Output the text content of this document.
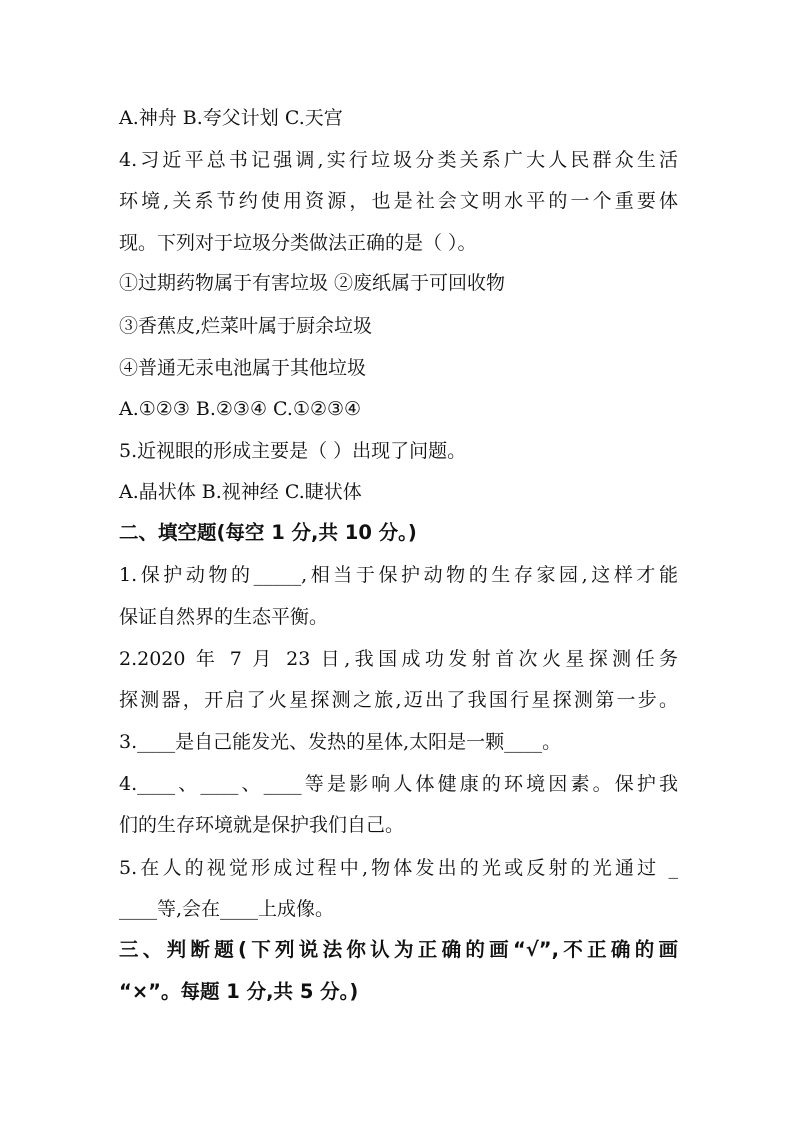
A.神舟 B.夸父计划 C.天宫
4.习近平总书记强调,实行垃圾分类关系广大人民群众生活
环境,关系节约使用资源，也是社会文明水平的一个重要体
现。下列对于垃圾分类做法正确的是（ ）。
①过期药物属于有害垃圾 ②废纸属于可回收物
③香蕉皮,烂菜叶属于厨余垃圾
④普通无汞电池属于其他垃圾
A.①②③ B.②③④ C.①②③④
5.近视眼的形成主要是（ ）出现了问题。
A.晶状体 B.视神经 C.睫状体
二、填空题(每空 1 分,共 10 分。)
1.保护动物的_____,相当于保护动物的生存家园,这样才能
保证自然界的生态平衡。
2.2020 年 7 月 23 日,我国成功发射首次火星探测任务
探测器，开启了火星探测之旅,迈出了我国行星探测第一步。
3.____是自己能发光、发热的星体,太阳是一颗____。
4.____、____、____等是影响人体健康的环境因素。保护我
们的生存环境就是保护我们自己。
5.在人的视觉形成过程中,物体发出的光或反射的光通过 _
____等,会在____上成像。
三、判断题(下列说法你认为正确的画“√”,不正确的画
“×”。每题 1 分,共 5 分。)
